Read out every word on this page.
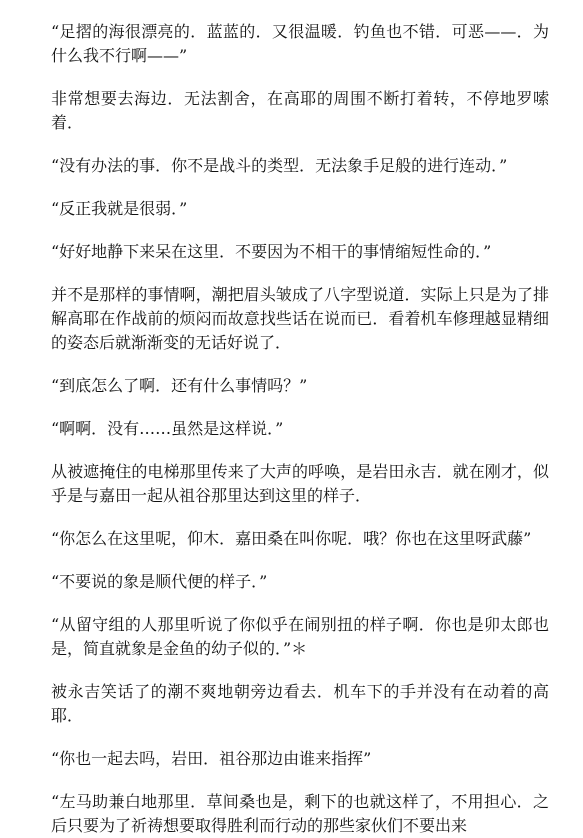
“足摺的海很漂亮的．蓝蓝的．又很温暖．钓鱼也不错．可恶——．为什么我不行啊——”

非常想要去海边．无法割舍，在高耶的周围不断打着转，不停地罗嗦着．

“没有办法的事．你不是战斗的类型．无法象手足般的进行连动．”

“反正我就是很弱．”

“好好地静下来呆在这里．不要因为不相干的事情缩短性命的．”

并不是那样的事情啊，潮把眉头皱成了八字型说道．实际上只是为了排解高耶在作战前的烦闷而故意找些话在说而已．看着机车修理越显精细的姿态后就渐渐变的无话好说了．

“到底怎么了啊．还有什么事情吗？”

“啊啊．没有……虽然是这样说．”

从被遮掩住的电梯那里传来了大声的呼唤，是岩田永吉．就在刚才，似乎是与嘉田一起从祖谷那里达到这里的样子．

“你怎么在这里呢，仰木．嘉田桑在叫你呢．哦？你也在这里呀武藤”

“不要说的象是顺代便的样子．”

“从留守组的人那里听说了你似乎在闹别扭的样子啊．你也是卯太郎也是，简直就象是金鱼的幼子似的．”＊

被永吉笑话了的潮不爽地朝旁边看去．机车下的手并没有在动着的高耶．

“你也一起去吗，岩田．祖谷那边由谁来指挥”

“左马助兼白地那里．草间桑也是，剩下的也就这样了，不用担心．之后只要为了祈祷想要取得胜利而行动的那些家伙们不要出来
